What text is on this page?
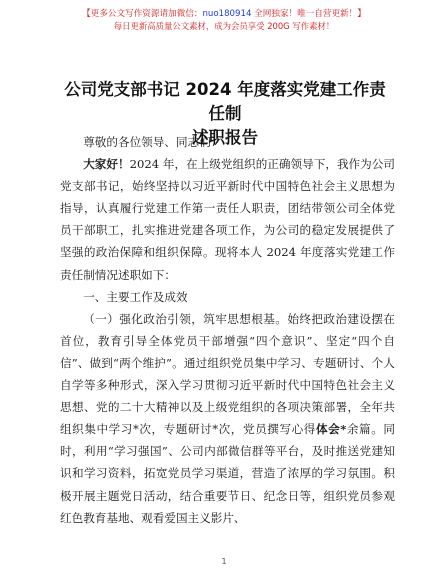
【更多公文写作资源请加微信：nuo180914 全网独家！唯一自营更新！】
每日更新高质量公文素材，成为会员享受 200G 写作素材！
公司党支部书记 2024 年度落实党建工作责任制
述职报告

尊敬的各位领导、同志们：

大家好！2024 年，在上级党组织的正确领导下，我作为公司党支部书记，始终坚持以习近平新时代中国特色社会主义思想为指导，认真履行党建工作第一责任人职责，团结带领公司全体党员干部职工，扎实推进党建各项工作，为公司的稳定发展提供了坚强的政治保障和组织保障。现将本人 2024 年度落实党建工作责任制情况述职如下：

一、主要工作及成效

（一）强化政治引领，筑牢思想根基。始终把政治建设摆在首位，教育引导全体党员干部增强“四个意识”、坚定“四个自信”、做到“两个维护”。通过组织党员集中学习、专题研讨、个人自学等多种形式，深入学习贯彻习近平新时代中国特色社会主义思想、党的二十大精神以及上级党组织的各项决策部署，全年共组织集中学习*次，专题研讨*次，党员撰写心得体会*余篇。同时，利用“学习强国”、公司内部微信群等平台，及时推送党建知识和学习资料，拓宽党员学习渠道，营造了浓厚的学习氛围。积极开展主题党日活动，结合重要节日、纪念日等，组织党员参观红色教育基地、观看爱国主义影片、

1
